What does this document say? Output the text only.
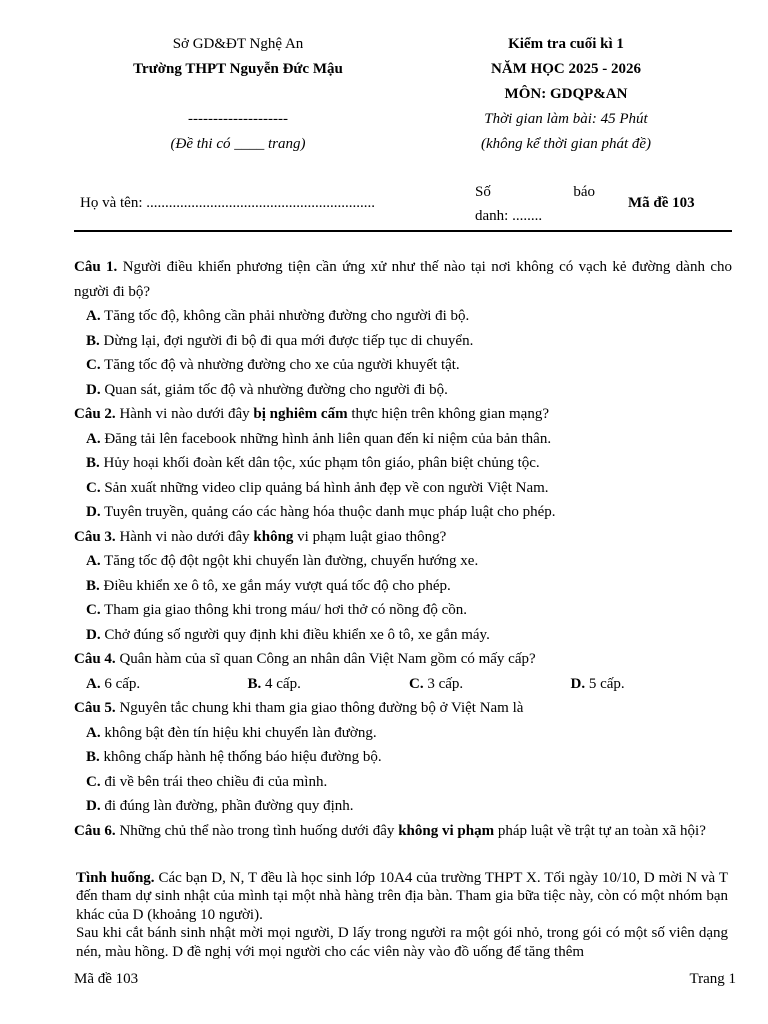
Sở GD&ĐT Nghệ An
Trường THPT Nguyễn Đức Mậu

--------------------
(Đề thi có ____ trang)
Kiểm tra cuối kì 1
NĂM HỌC 2025 - 2026
MÔN: GDQP&AN
Thời gian làm bài: 45 Phút
(không kể thời gian phát đề)
Họ và tên: .............................................................
Số	báo
danh: ........
Mã đề 103
Câu 1. Người điều khiển phương tiện cần ứng xử như thế nào tại nơi không có vạch kẻ đường dành cho người đi bộ?
A. Tăng tốc độ, không cần phải nhường đường cho người đi bộ.
B. Dừng lại, đợi người đi bộ đi qua mới được tiếp tục di chuyển.
C. Tăng tốc độ và nhường đường cho xe của người khuyết tật.
D. Quan sát, giảm tốc độ và nhường đường cho người đi bộ.
Câu 2. Hành vi nào dưới đây bị nghiêm cấm thực hiện trên không gian mạng?
A. Đăng tải lên facebook những hình ảnh liên quan đến kỉ niệm của bản thân.
B. Hủy hoại khối đoàn kết dân tộc, xúc phạm tôn giáo, phân biệt chủng tộc.
C. Sản xuất những video clip quảng bá hình ảnh đẹp về con người Việt Nam.
D. Tuyên truyền, quảng cáo các hàng hóa thuộc danh mục pháp luật cho phép.
Câu 3. Hành vi nào dưới đây không vi phạm luật giao thông?
A. Tăng tốc độ đột ngột khi chuyển làn đường, chuyển hướng xe.
B. Điều khiển xe ô tô, xe gắn máy vượt quá tốc độ cho phép.
C. Tham gia giao thông khi trong máu/ hơi thở có nồng độ cồn.
D. Chở đúng số người quy định khi điều khiển xe ô tô, xe gắn máy.
Câu 4. Quân hàm của sĩ quan Công an nhân dân Việt Nam gồm có mấy cấp?
A. 6 cấp.	B. 4 cấp.	C. 3 cấp.	D. 5 cấp.
Câu 5. Nguyên tắc chung khi tham gia giao thông đường bộ ở Việt Nam là
A. không bật đèn tín hiệu khi chuyển làn đường.
B. không chấp hành hệ thống báo hiệu đường bộ.
C. đi về bên trái theo chiều đi của mình.
D. đi đúng làn đường, phần đường quy định.
Câu 6. Những chủ thể nào trong tình huống dưới đây không vi phạm pháp luật về trật tự an toàn xã hội?

Tình huống. Các bạn D, N, T đều là học sinh lớp 10A4 của trường THPT X. Tối ngày 10/10, D mời N và T đến tham dự sinh nhật của mình tại một nhà hàng trên địa bàn. Tham gia bữa tiệc này, còn có một nhóm bạn khác của D (khoảng 10 người).

Sau khi cắt bánh sinh nhật mời mọi người, D lấy trong người ra một gói nhỏ, trong gói có một số viên dạng nén, màu hồng. D đề nghị với mọi người cho các viên này vào đồ uống để tăng thêm

Mã đề 103	Trang 1
